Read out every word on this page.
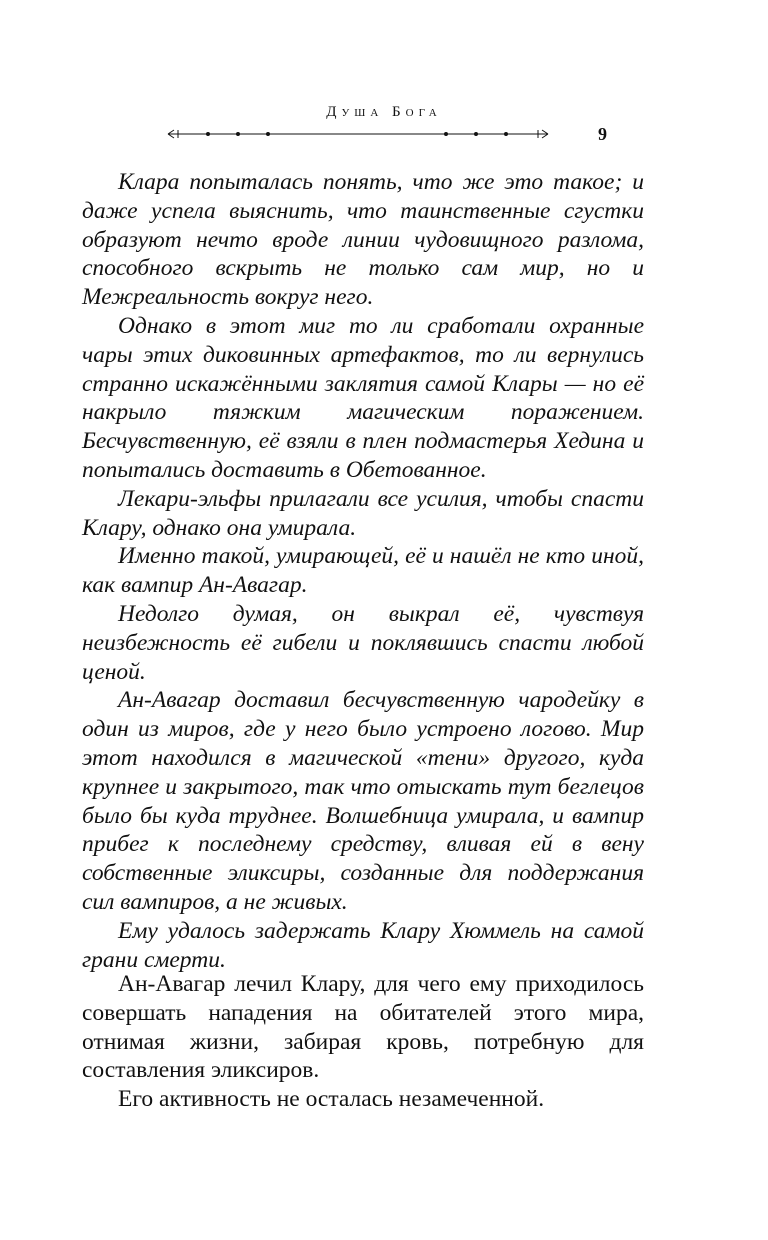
Душа Бога
9

Клара попыталась понять, что же это такое; и даже успела выяснить, что таинственные сгустки образуют нечто вроде линии чудовищного разлома, способного вскрыть не только сам мир, но и Межреальность вокруг него.

Однако в этот миг то ли сработали охранные чары этих диковинных артефактов, то ли вернулись странно искажёнными заклятия самой Клары — но её накрыло тяжким магическим поражением. Бесчувственную, её взяли в плен подмастерья Хедина и попытались доставить в Обетованное.

Лекари-эльфы прилагали все усилия, чтобы спасти Клару, однако она умирала.

Именно такой, умирающей, её и нашёл не кто иной, как вампир Ан-Авагар.

Недолго думая, он выкрал её, чувствуя неизбежность её гибели и поклявшись спасти любой ценой.

Ан-Авагар доставил бесчувственную чародейку в один из миров, где у него было устроено логово. Мир этот находился в магической «тени» другого, куда крупнее и закрытого, так что отыскать тут беглецов было бы куда труднее. Волшебница умирала, и вампир прибег к последнему средству, вливая ей в вену собственные эликсиры, созданные для поддержания сил вампиров, а не живых.

Ему удалось задержать Клару Хюммель на самой грани смерти.

Ан-Авагар лечил Клару, для чего ему приходилось совершать нападения на обитателей этого мира, отнимая жизни, забирая кровь, потребную для составления эликсиров.

Его активность не осталась незамеченной.
